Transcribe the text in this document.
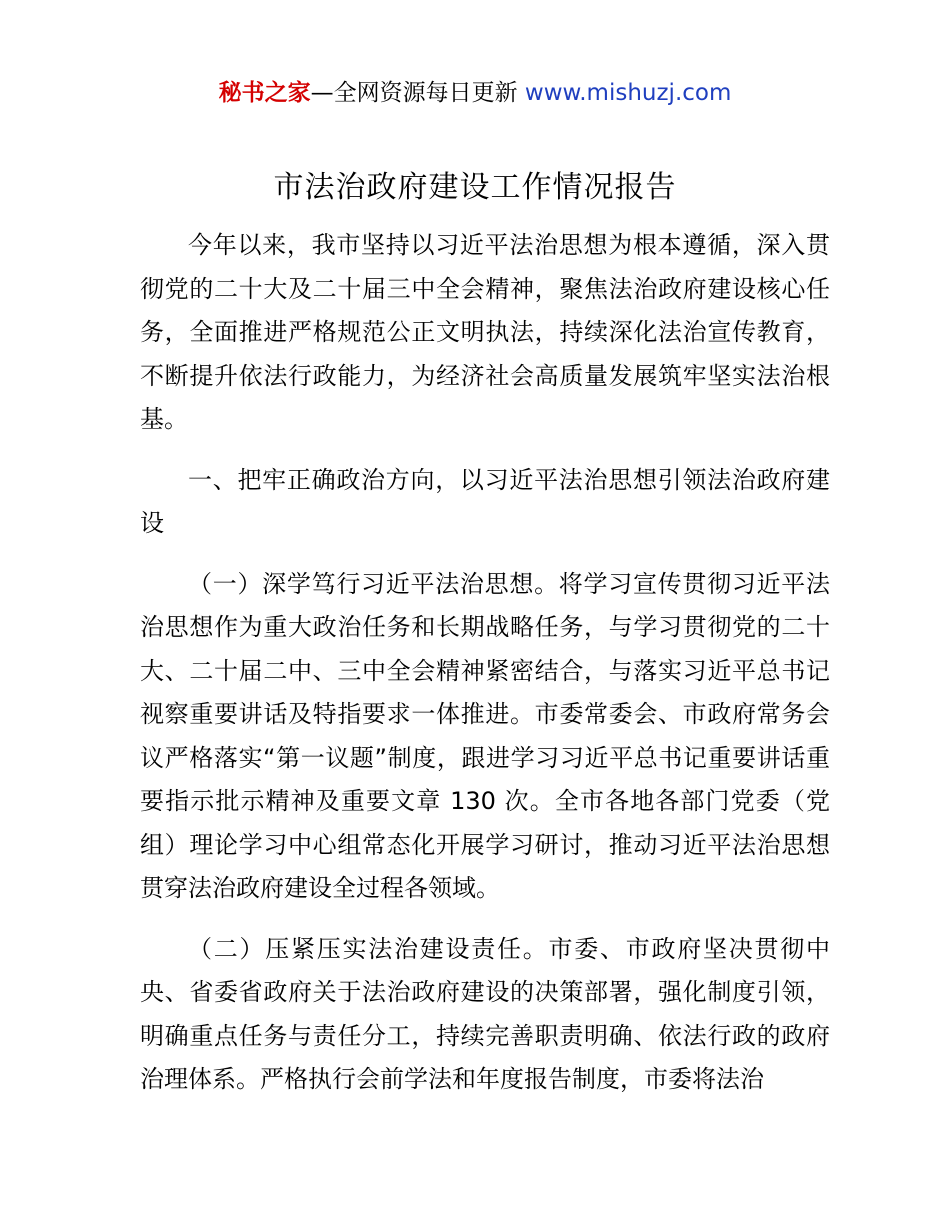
秘书之家—全网资源每日更新 www.mishuzj.com
市法治政府建设工作情况报告

今年以来，我市坚持以习近平法治思想为根本遵循，深入贯彻党的二十大及二十届三中全会精神，聚焦法治政府建设核心任务，全面推进严格规范公正文明执法，持续深化法治宣传教育，不断提升依法行政能力，为经济社会高质量发展筑牢坚实法治根基。

一、把牢正确政治方向，以习近平法治思想引领法治政府建设

（一）深学笃行习近平法治思想。将学习宣传贯彻习近平法治思想作为重大政治任务和长期战略任务，与学习贯彻党的二十大、二十届二中、三中全会精神紧密结合，与落实习近平总书记视察重要讲话及特指要求一体推进。市委常委会、市政府常务会议严格落实“第一议题”制度，跟进学习习近平总书记重要讲话重要指示批示精神及重要文章 130 次。全市各地各部门党委（党组）理论学习中心组常态化开展学习研讨，推动习近平法治思想贯穿法治政府建设全过程各领域。

（二）压紧压实法治建设责任。市委、市政府坚决贯彻中央、省委省政府关于法治政府建设的决策部署，强化制度引领，明确重点任务与责任分工，持续完善职责明确、依法行政的政府治理体系。严格执行会前学法和年度报告制度，市委将法治
